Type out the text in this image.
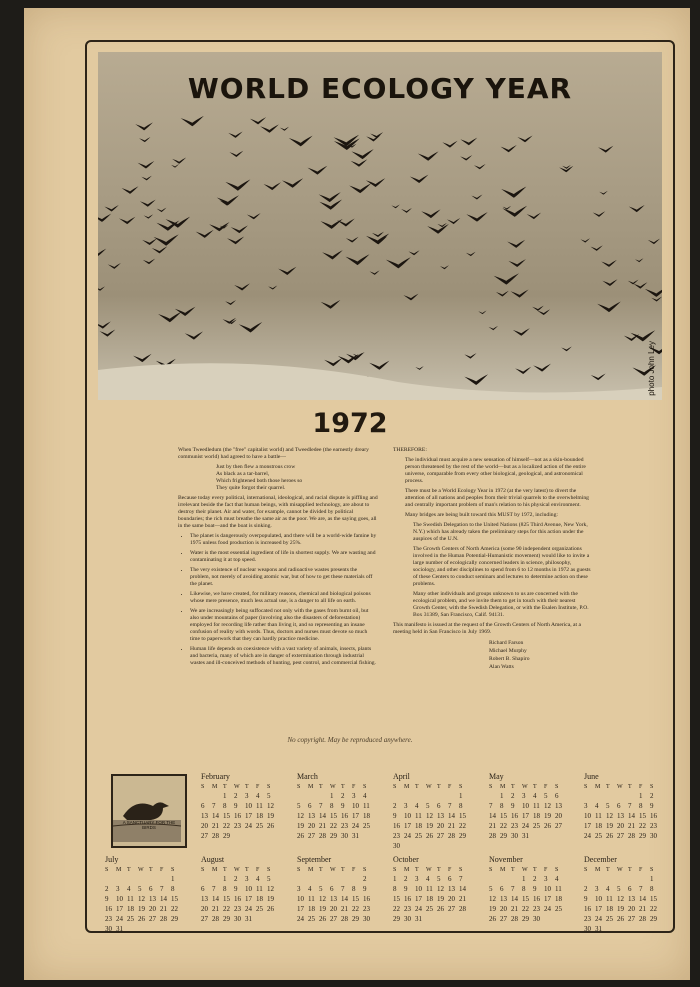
WORLD ECOLOGY YEAR
photo John Ley
1972

When Tweedledum (the "free" capitalist world) and Tweedledee (the earnestly dreary communist world) had agreed to have a battle—

Just by then flew a monstrous crow
As black as a tar-barrel,
Which frightened both those heroes so
They quite forgot their quarrel.

Because today every political, international, ideological, and racial dispute is piffling and irrelevant beside the fact that human beings, with misapplied technology, are about to destroy their planet. Air and water, for example, cannot be divided by political boundaries; the rich must breathe the same air as the poor. We are, as the saying goes, all in the same boat—and the boat is sinking.

• The planet is dangerously overpopulated, and there will be a world-wide famine by 1975 unless food production is increased by 25%.
• Water is the most essential ingredient of life in shortest supply. We are wasting and contaminating it at top speed.
• The very existence of nuclear weapons and radioactive wastes presents the problem, not merely of avoiding atomic war, but of how to get these materials off the planet.
• Likewise, we have created, for military reasons, chemical and biological poisons whose mere presence, much less actual use, is a danger to all life on earth.
• We are increasingly being suffocated not only with the gases from burnt oil, but also under mountains of paper (involving also the disasters of deforestation) employed for recording life rather than living it, and so representing an insane confusion of reality with words. Thus, doctors and nurses must devote so much time to paperwork that they can hardly practice medicine.
• Human life depends on coexistence with a vast variety of animals, insects, plants and bacteria, many of which are in danger of extermination through industrial wastes and ill-conceived methods of hunting, pest control, and commercial fishing.

THEREFORE:

The individual must acquire a new sensation of himself—not as a skin-bounded person threatened by the rest of the world—but as a localized action of the entire universe, comparable from every other biological, geological, and astronomical process.

There must be a World Ecology Year in 1972 (at the very latest) to divert the attention of all nations and peoples from their trivial quarrels to the overwhelming and centrally important problem of man's relation to his physical environment.

Many bridges are being built toward this MUST by 1972, including:

The Swedish Delegation to the United Nations (825 Third Avenue, New York, N.Y.) which has already taken the preliminary steps for this action under the auspices of the U.N.

The Growth Centers of North America (some 90 independent organizations involved in the Human Potential-Humanistic movement) would like to invite a large number of ecologically concerned leaders in science, philosophy, sociology, and other disciplines to spend from 6 to 12 months in 1972 as guests of these Centers to conduct seminars and lectures to determine action on these problems.

Many other individuals and groups unknown to us are concerned with the ecological problem, and we invite them to get in touch with their nearest Growth Center, with the Swedish Delegation, or with the Esalen Institute, P.O. Box 31389, San Francisco, Calif. 94131.

This manifesto is issued at the request of the Growth Centers of North America, at a meeting held in San Francisco in July 1969.

Richard Farson
Michael Murphy
Robert B. Shapiro
Alan Watts
No copyright. May be reproduced anywhere.
A SANCTUARY FOR THE BIRDS
February
S	M	T	W	T	F	S
		1	2	3	4	5
6	7	8	9	10	11	12
13	14	15	16	17	18	19
20	21	22	23	24	25	26
27	28	29				
March
S	M	T	W	T	F	S
			1	2	3	4
5	6	7	8	9	10	11
12	13	14	15	16	17	18
19	20	21	22	23	24	25
26	27	28	29	30	31	
April
S	M	T	W	T	F	S
						1
2	3	4	5	6	7	8
9	10	11	12	13	14	15
16	17	18	19	20	21	22
23	24	25	26	27	28	29
30						
May
S	M	T	W	T	F	S
	1	2	3	4	5	6
7	8	9	10	11	12	13
14	15	16	17	18	19	20
21	22	23	24	25	26	27
28	29	30	31			
June
S	M	T	W	T	F	S
					1	2
3	4	5	6	7	8	9
10	11	12	13	14	15	16
17	18	19	20	21	22	23
24	25	26	27	28	29	30
July
S	M	T	W	T	F	S
						1
2	3	4	5	6	7	8
9	10	11	12	13	14	15
16	17	18	19	20	21	22
23	24	25	26	27	28	29
30	31					
August
S	M	T	W	T	F	S
		1	2	3	4	5
6	7	8	9	10	11	12
13	14	15	16	17	18	19
20	21	22	23	24	25	26
27	28	29	30	31		
September
S	M	T	W	T	F	S
						2
3	4	5	6	7	8	9
10	11	12	13	14	15	16
17	18	19	20	21	22	23
24	25	26	27	28	29	30
October
S	M	T	W	T	F	S
1	2	3	4	5	6	7
8	9	10	11	12	13	14
15	16	17	18	19	20	21
22	23	24	25	26	27	28
29	30	31				
November
S	M	T	W	T	F	S
			1	2	3	4
5	6	7	8	9	10	11
12	13	14	15	16	17	18
19	20	21	22	23	24	25
26	27	28	29	30		
December
S	M	T	W	T	F	S
						1
2	3	4	5	6	7	8
9	10	11	12	13	14	15
16	17	18	19	20	21	22
23	24	25	26	27	28	29
30	31					
